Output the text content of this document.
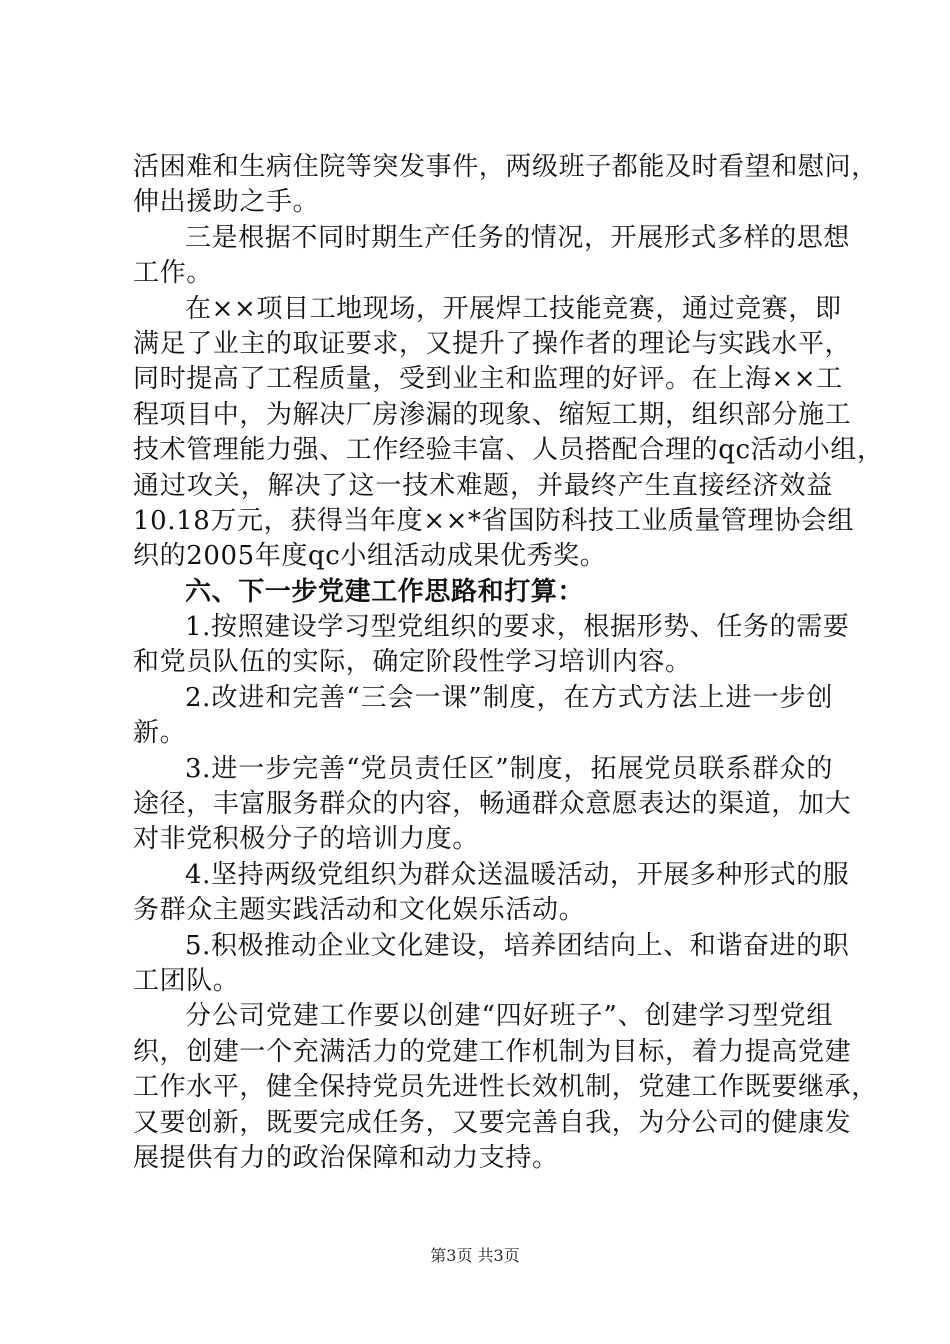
活困难和生病住院等突发事件，两级班子都能及时看望和慰问，
伸出援助之手。
三是根据不同时期生产任务的情况，开展形式多样的思想
工作。
在××项目工地现场，开展焊工技能竞赛，通过竞赛，即
满足了业主的取证要求，又提升了操作者的理论与实践水平，
同时提高了工程质量，受到业主和监理的好评。在上海××工
程项目中，为解决厂房渗漏的现象、缩短工期，组织部分施工
技术管理能力强、工作经验丰富、人员搭配合理的qc活动小组，
通过攻关，解决了这一技术难题，并最终产生直接经济效益
10.18万元，获得当年度××*省国防科技工业质量管理协会组
织的2005年度qc小组活动成果优秀奖。
六、下一步党建工作思路和打算：
1.按照建设学习型党组织的要求，根据形势、任务的需要
和党员队伍的实际，确定阶段性学习培训内容。
2.改进和完善“三会一课”制度，在方式方法上进一步创
新。
3.进一步完善“党员责任区”制度，拓展党员联系群众的
途径，丰富服务群众的内容，畅通群众意愿表达的渠道，加大
对非党积极分子的培训力度。
4.坚持两级党组织为群众送温暖活动，开展多种形式的服
务群众主题实践活动和文化娱乐活动。
5.积极推动企业文化建设，培养团结向上、和谐奋进的职
工团队。
分公司党建工作要以创建“四好班子”、创建学习型党组
织，创建一个充满活力的党建工作机制为目标，着力提高党建
工作水平，健全保持党员先进性长效机制，党建工作既要继承，
又要创新，既要完成任务，又要完善自我，为分公司的健康发
展提供有力的政治保障和动力支持。
第3页 共3页
